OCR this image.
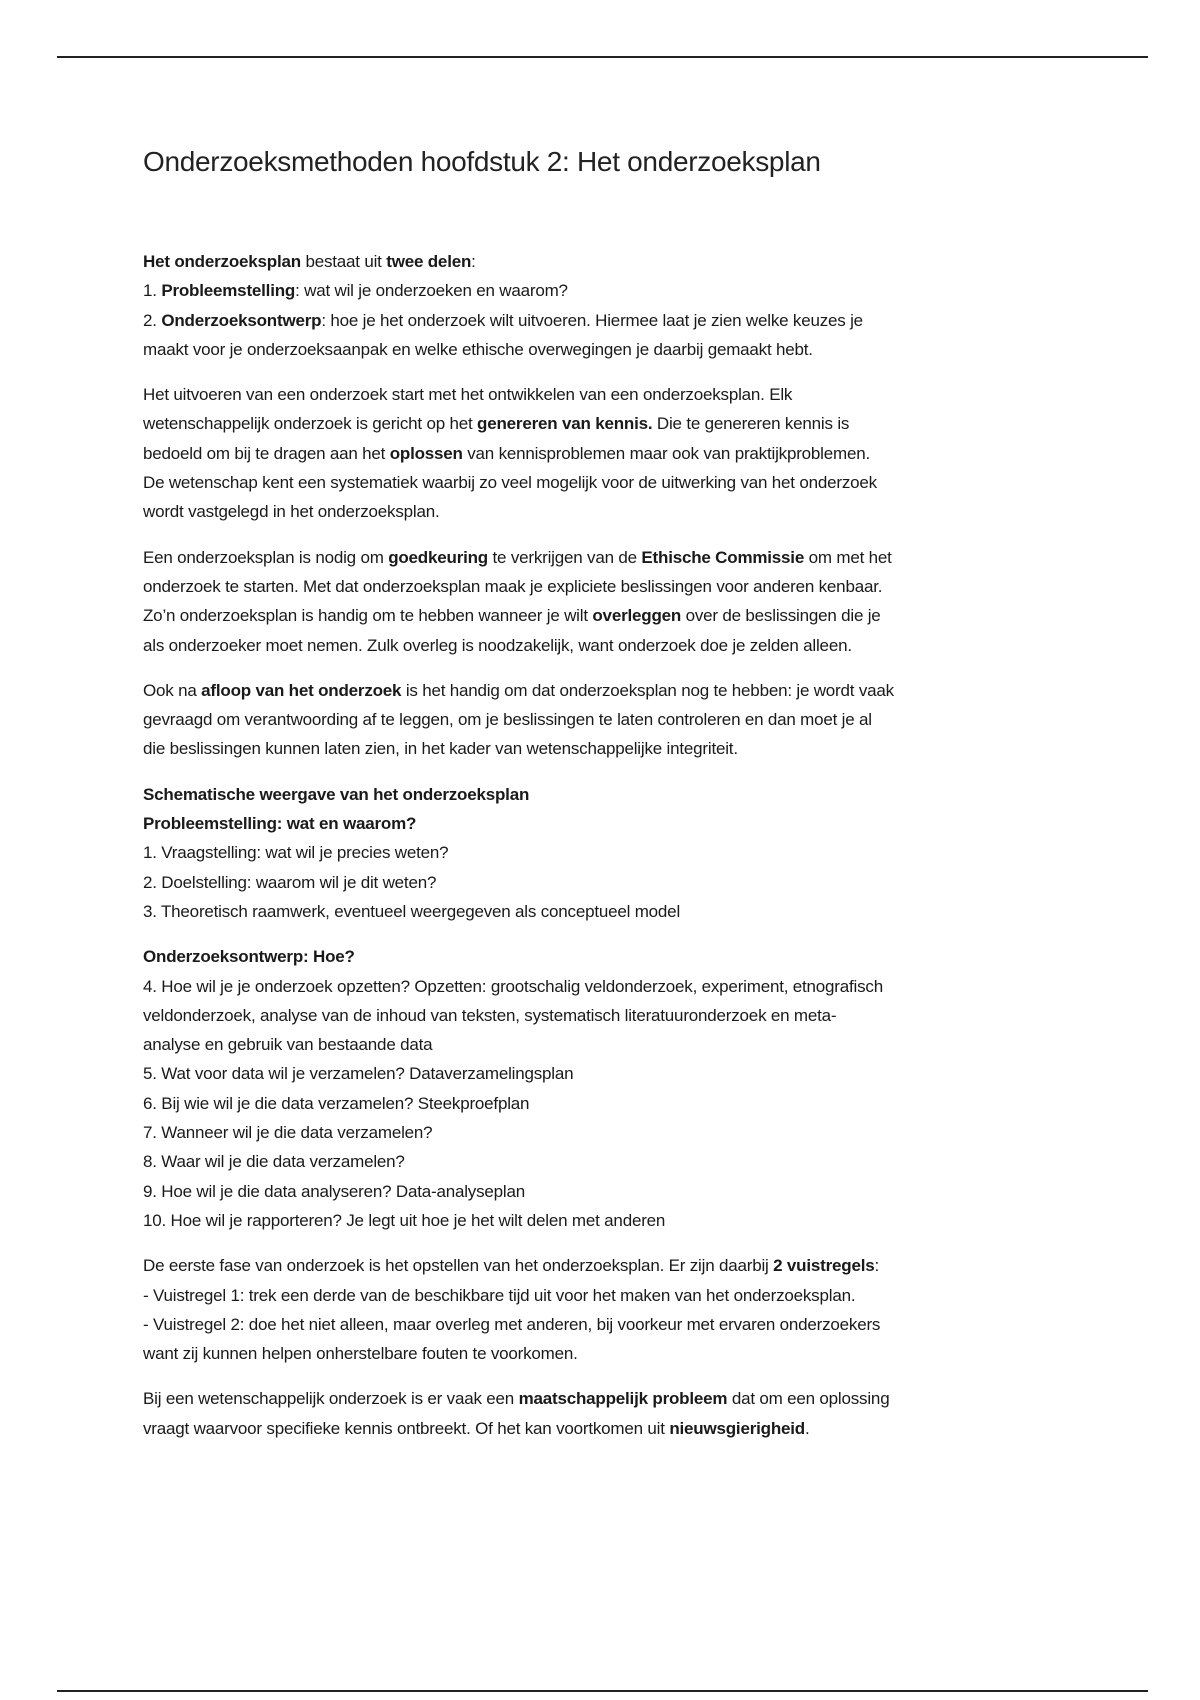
Onderzoeksmethoden hoofdstuk 2: Het onderzoeksplan

Het onderzoeksplan bestaat uit twee delen:
1. Probleemstelling: wat wil je onderzoeken en waarom?
2. Onderzoeksontwerp: hoe je het onderzoek wilt uitvoeren. Hiermee laat je zien welke keuzes je
maakt voor je onderzoeksaanpak en welke ethische overwegingen je daarbij gemaakt hebt.

Het uitvoeren van een onderzoek start met het ontwikkelen van een onderzoeksplan. Elk
wetenschappelijk onderzoek is gericht op het genereren van kennis. Die te genereren kennis is
bedoeld om bij te dragen aan het oplossen van kennisproblemen maar ook van praktijkproblemen.
De wetenschap kent een systematiek waarbij zo veel mogelijk voor de uitwerking van het onderzoek
wordt vastgelegd in het onderzoeksplan.

Een onderzoeksplan is nodig om goedkeuring te verkrijgen van de Ethische Commissie om met het
onderzoek te starten. Met dat onderzoeksplan maak je expliciete beslissingen voor anderen kenbaar.
Zo’n onderzoeksplan is handig om te hebben wanneer je wilt overleggen over de beslissingen die je
als onderzoeker moet nemen. Zulk overleg is noodzakelijk, want onderzoek doe je zelden alleen.

Ook na afloop van het onderzoek is het handig om dat onderzoeksplan nog te hebben: je wordt vaak
gevraagd om verantwoording af te leggen, om je beslissingen te laten controleren en dan moet je al
die beslissingen kunnen laten zien, in het kader van wetenschappelijke integriteit.

Schematische weergave van het onderzoeksplan
Probleemstelling: wat en waarom?
1. Vraagstelling: wat wil je precies weten?
2. Doelstelling: waarom wil je dit weten?
3. Theoretisch raamwerk, eventueel weergegeven als conceptueel model

Onderzoeksontwerp: Hoe?
4. Hoe wil je je onderzoek opzetten? Opzetten: grootschalig veldonderzoek, experiment, etnografisch
veldonderzoek, analyse van de inhoud van teksten, systematisch literatuuronderzoek en meta-
analyse en gebruik van bestaande data
5. Wat voor data wil je verzamelen? Dataverzamelingsplan
6. Bij wie wil je die data verzamelen? Steekproefplan
7. Wanneer wil je die data verzamelen?
8. Waar wil je die data verzamelen?
9. Hoe wil je die data analyseren? Data-analyseplan
10. Hoe wil je rapporteren? Je legt uit hoe je het wilt delen met anderen

De eerste fase van onderzoek is het opstellen van het onderzoeksplan. Er zijn daarbij 2 vuistregels:
- Vuistregel 1: trek een derde van de beschikbare tijd uit voor het maken van het onderzoeksplan.
- Vuistregel 2: doe het niet alleen, maar overleg met anderen, bij voorkeur met ervaren onderzoekers
want zij kunnen helpen onherstelbare fouten te voorkomen.

Bij een wetenschappelijk onderzoek is er vaak een maatschappelijk probleem dat om een oplossing
vraagt waarvoor specifieke kennis ontbreekt. Of het kan voortkomen uit nieuwsgierigheid.
